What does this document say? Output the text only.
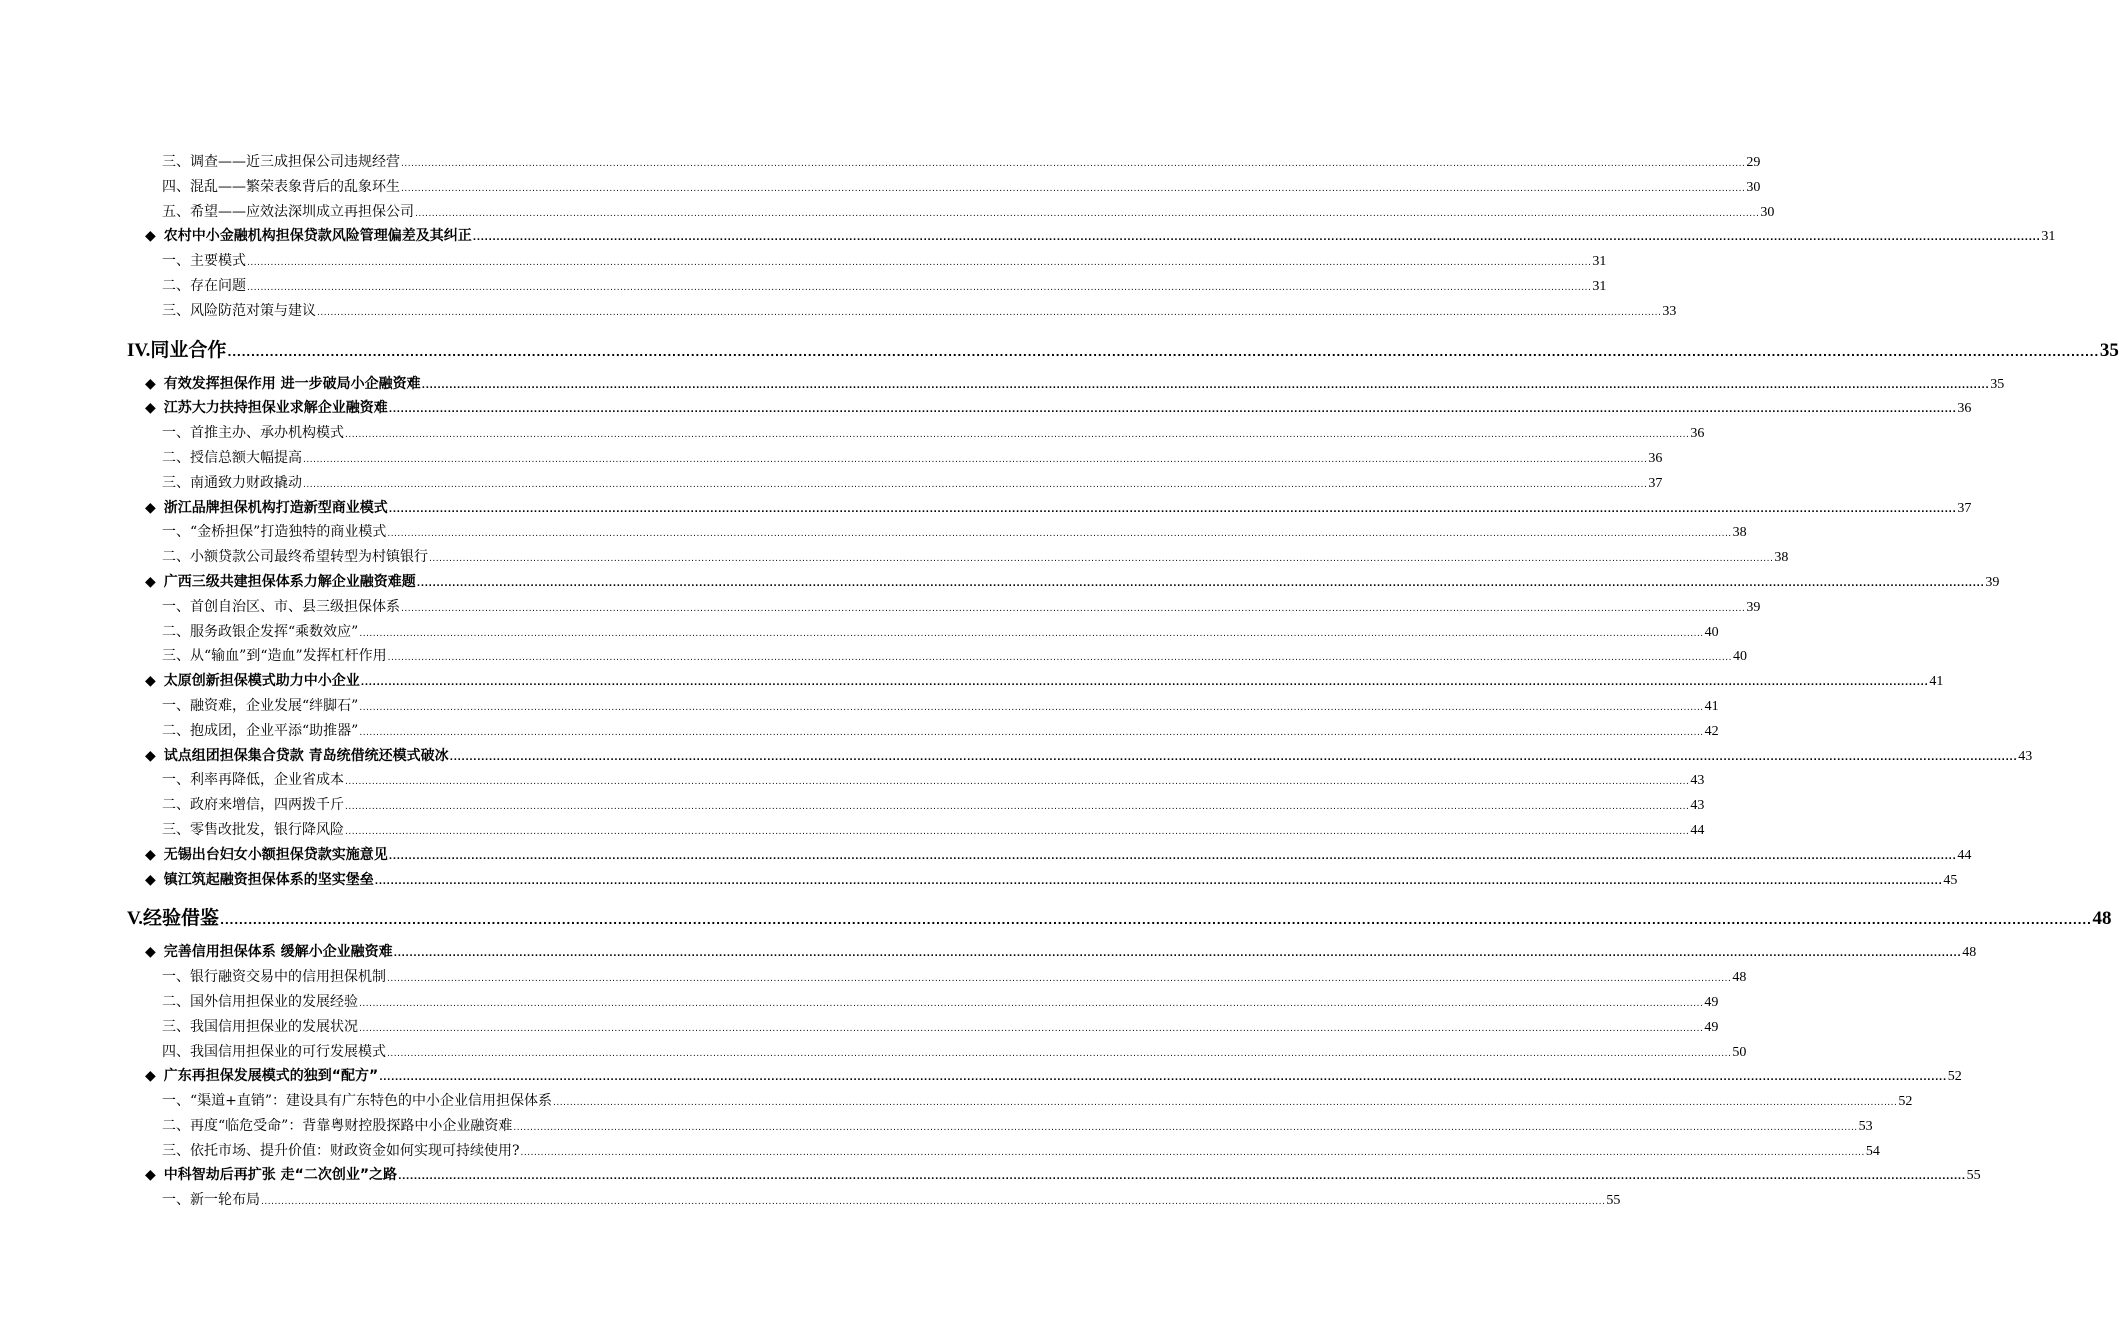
三、调查——近三成担保公司违规经营 ................................................................................................................................................................................................................................................................................................................................................................................................................ 29
四、混乱——繁荣表象背后的乱象环生 ................................................................................................................................................................................................................................................................................................................................................................................................................ 30
五、希望——应效法深圳成立再担保公司 ................................................................................................................................................................................................................................................................................................................................................................................................................ 30
◆ 农村中小金融机构担保贷款风险管理偏差及其纠正 ................................................................................................................................................................................................................................................................................................................................................................................................................ 31
一、主要模式 ................................................................................................................................................................................................................................................................................................................................................................................................................ 31
二、存在问题 ................................................................................................................................................................................................................................................................................................................................................................................................................ 31
三、风险防范对策与建议 ................................................................................................................................................................................................................................................................................................................................................................................................................ 33
IV.同业合作 ................................................................................................................................................................................................................................................................................................................................................................................................................ 35
◆ 有效发挥担保作用 进一步破局小企融资难 ................................................................................................................................................................................................................................................................................................................................................................................................................ 35
◆ 江苏大力扶持担保业求解企业融资难 ................................................................................................................................................................................................................................................................................................................................................................................................................ 36
一、首推主办、承办机构模式 ................................................................................................................................................................................................................................................................................................................................................................................................................ 36
二、授信总额大幅提高 ................................................................................................................................................................................................................................................................................................................................................................................................................ 36
三、南通致力财政撬动 ................................................................................................................................................................................................................................................................................................................................................................................................................ 37
◆ 浙江品牌担保机构打造新型商业模式 ................................................................................................................................................................................................................................................................................................................................................................................................................ 37
一、“金桥担保”打造独特的商业模式 ................................................................................................................................................................................................................................................................................................................................................................................................................ 38
二、小额贷款公司最终希望转型为村镇银行 ................................................................................................................................................................................................................................................................................................................................................................................................................ 38
◆ 广西三级共建担保体系力解企业融资难题 ................................................................................................................................................................................................................................................................................................................................................................................................................ 39
一、首创自治区、市、县三级担保体系 ................................................................................................................................................................................................................................................................................................................................................................................................................ 39
二、服务政银企发挥“乘数效应” ................................................................................................................................................................................................................................................................................................................................................................................................................ 40
三、从“输血”到“造血”发挥杠杆作用 ................................................................................................................................................................................................................................................................................................................................................................................................................ 40
◆ 太原创新担保模式助力中小企业 ................................................................................................................................................................................................................................................................................................................................................................................................................ 41
一、融资难，企业发展“绊脚石” ................................................................................................................................................................................................................................................................................................................................................................................................................ 41
二、抱成团，企业平添“助推器” ................................................................................................................................................................................................................................................................................................................................................................................................................ 42
◆ 试点组团担保集合贷款 青岛统借统还模式破冰 ................................................................................................................................................................................................................................................................................................................................................................................................................ 43
一、利率再降低，企业省成本 ................................................................................................................................................................................................................................................................................................................................................................................................................ 43
二、政府来增信，四两拨千斤 ................................................................................................................................................................................................................................................................................................................................................................................................................ 43
三、零售改批发，银行降风险 ................................................................................................................................................................................................................................................................................................................................................................................................................ 44
◆ 无锡出台妇女小额担保贷款实施意见 ................................................................................................................................................................................................................................................................................................................................................................................................................ 44
◆ 镇江筑起融资担保体系的坚实堡垒 ................................................................................................................................................................................................................................................................................................................................................................................................................ 45
V.经验借鉴 ................................................................................................................................................................................................................................................................................................................................................................................................................ 48
◆ 完善信用担保体系 缓解小企业融资难 ................................................................................................................................................................................................................................................................................................................................................................................................................ 48
一、银行融资交易中的信用担保机制 ................................................................................................................................................................................................................................................................................................................................................................................................................ 48
二、国外信用担保业的发展经验 ................................................................................................................................................................................................................................................................................................................................................................................................................ 49
三、我国信用担保业的发展状况 ................................................................................................................................................................................................................................................................................................................................................................................................................ 49
四、我国信用担保业的可行发展模式 ................................................................................................................................................................................................................................................................................................................................................................................................................ 50
◆ 广东再担保发展模式的独到“配方” ................................................................................................................................................................................................................................................................................................................................................................................................................ 52
一、“渠道+直销”：建设具有广东特色的中小企业信用担保体系 ................................................................................................................................................................................................................................................................................................................................................................................................................ 52
二、再度“临危受命”：背靠粤财控股探路中小企业融资难 ................................................................................................................................................................................................................................................................................................................................................................................................................ 53
三、依托市场、提升价值：财政资金如何实现可持续使用? ................................................................................................................................................................................................................................................................................................................................................................................................................ 54
◆ 中科智劫后再扩张 走“二次创业”之路 ................................................................................................................................................................................................................................................................................................................................................................................................................ 55
一、新一轮布局 ................................................................................................................................................................................................................................................................................................................................................................................................................ 55
